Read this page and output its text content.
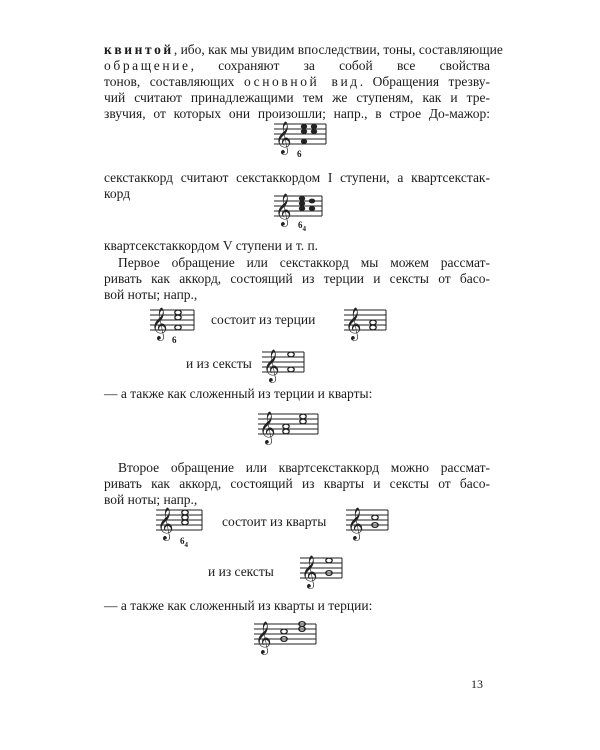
квинтой, ибо, как мы увидим впоследствии, тоны, составляющие
обращение, сохраняют за собой все свойства
тонов, составляющих основной вид. Обращения трезву-
чий считают принадлежащими тем же ступеням, как и тре-
звучия, от которых они произошли; напр., в строе До-мажор:
𝄞 6
секстаккорд считают секстаккордом I ступени, а квартсекстак-
корд	𝄞 $6_4$
квартсекстаккордом V ступени и т. п.
Первое обращение или секстаккорд мы можем рассмат-
ривать как аккорд, состоящий из терции и сексты от басо-
вой ноты; напр.,
𝄞 6
состоит из терции 𝄞
и из сексты 𝄞
— а также как сложенный из терции и кварты:
𝄞
Второе обращение или квартсекстаккорд можно рассмат-
ривать как аккорд, состоящий из кварты и сексты от басо-
вой ноты; напр.,
𝄞
$6_4$
состоит из кварты 𝄞
и из сексты 𝄞
— а также как сложенный из кварты и терции:
𝄞
13
